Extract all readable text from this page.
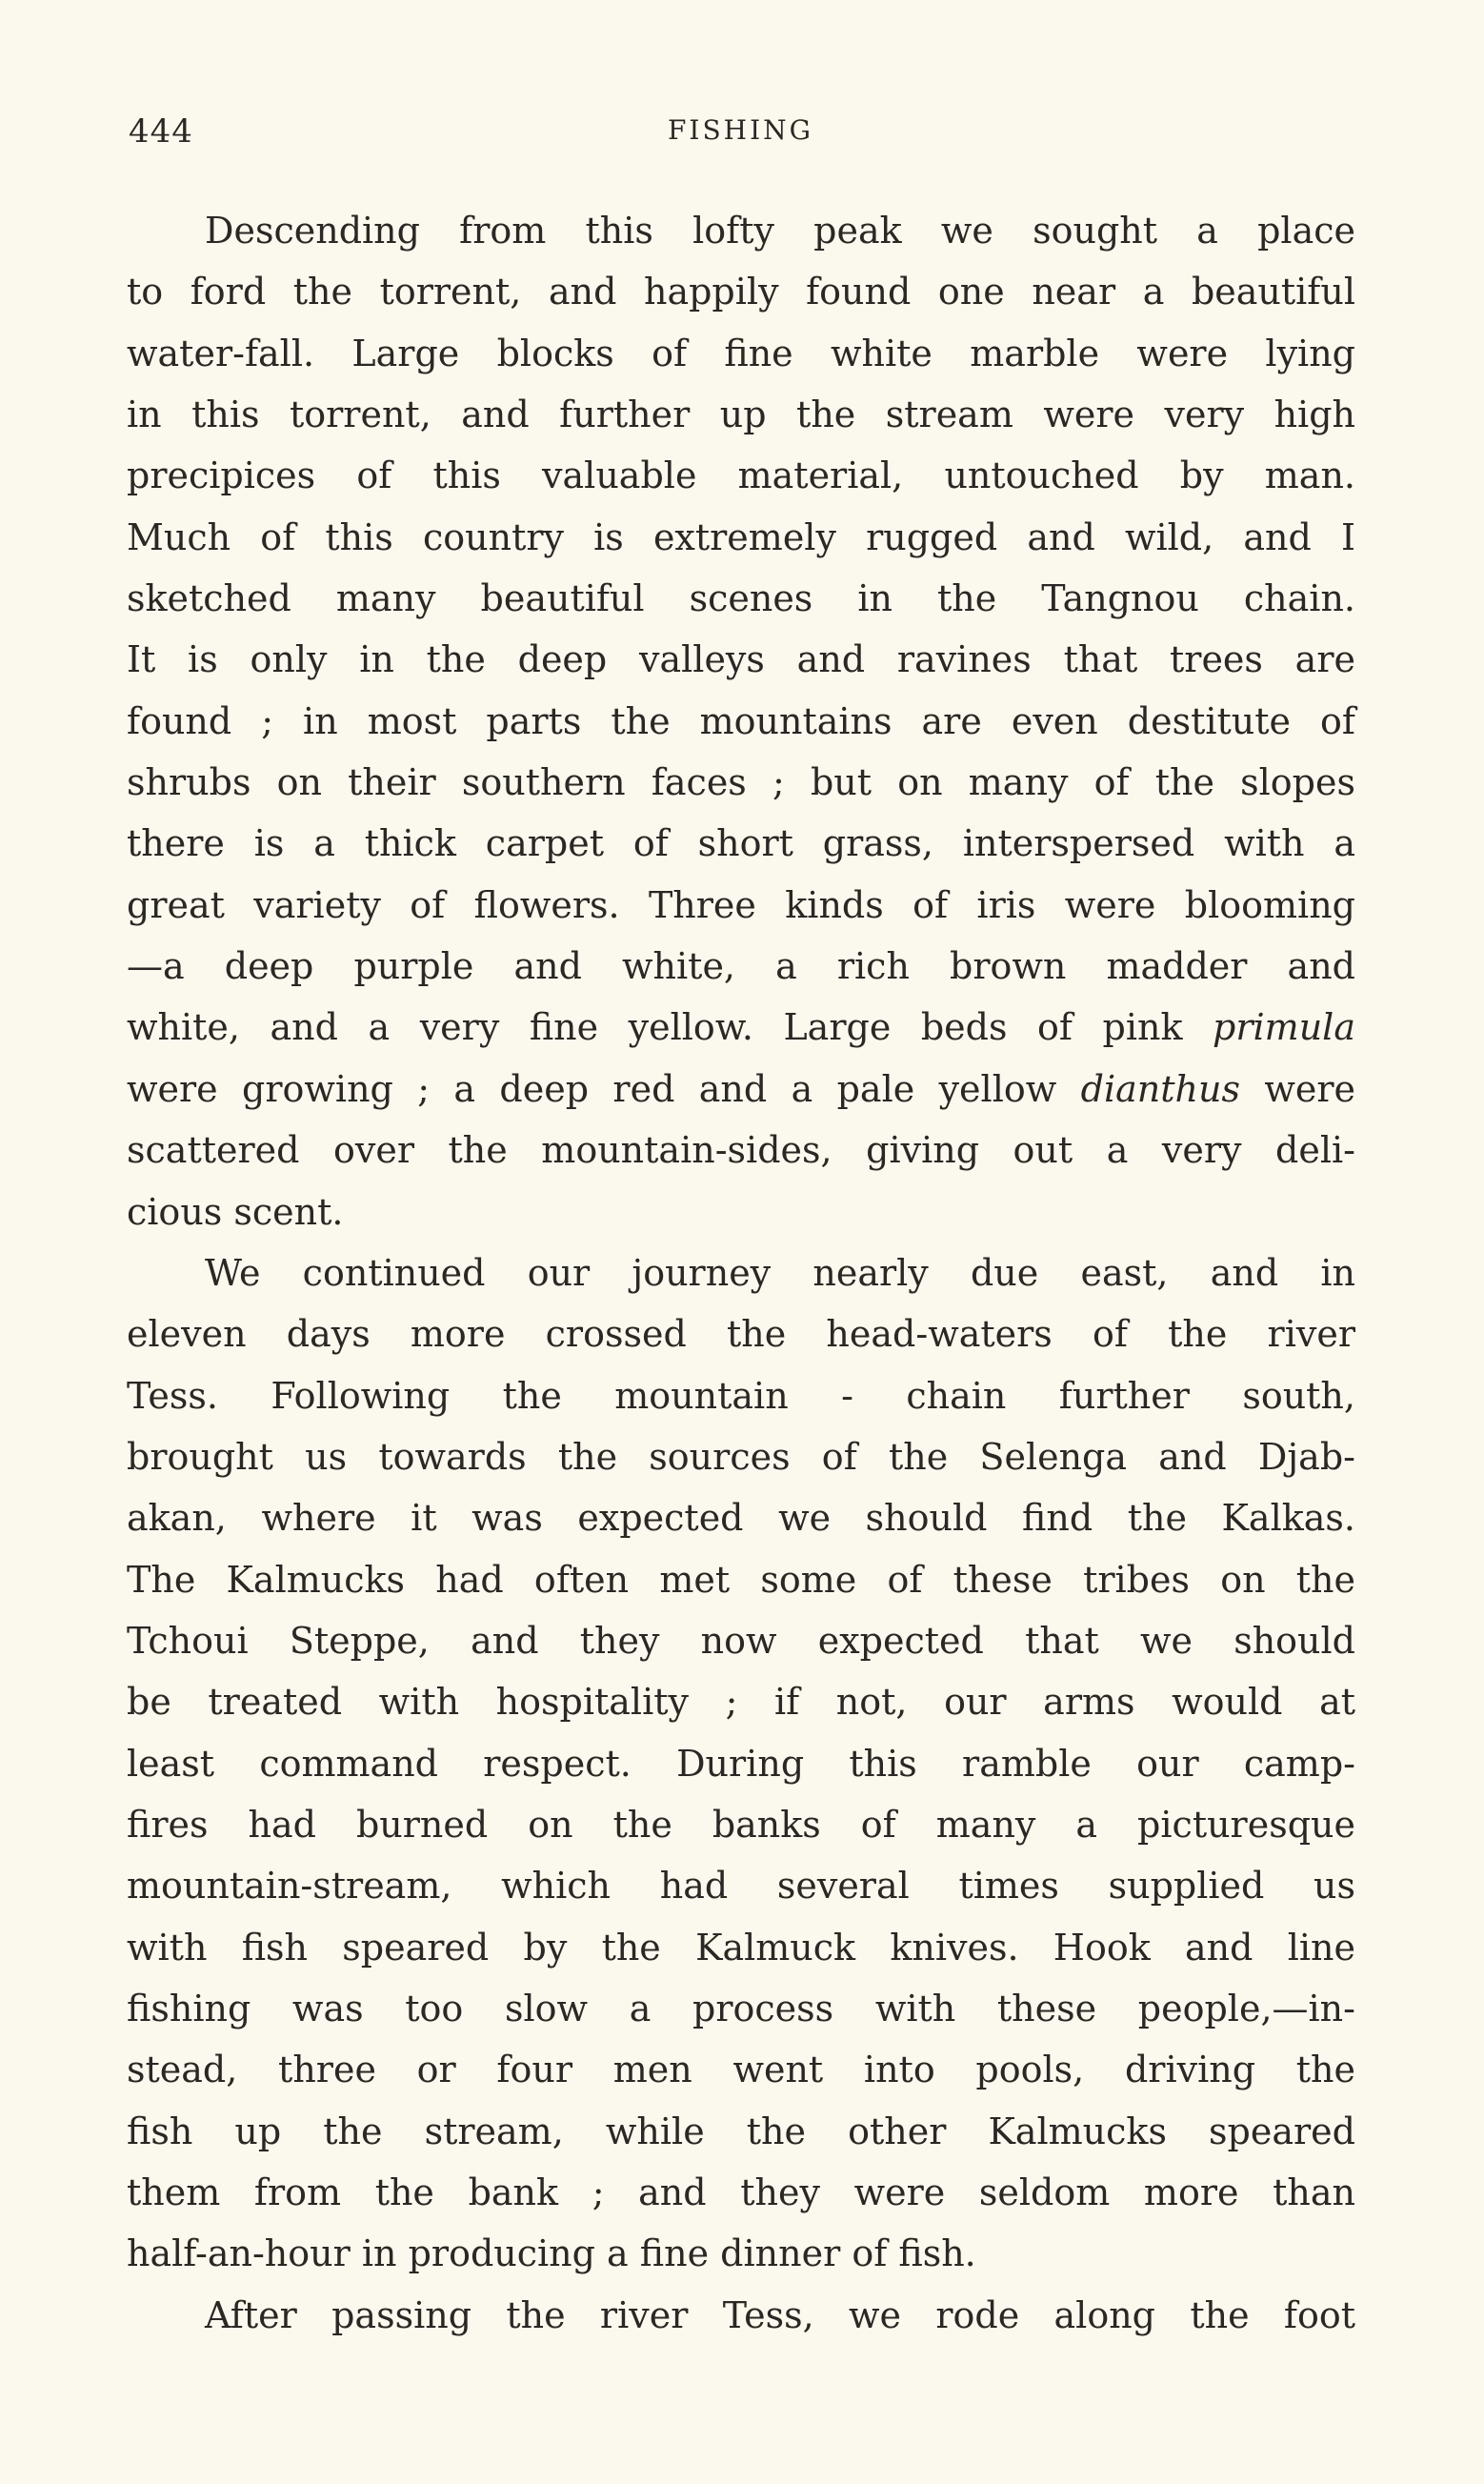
444	FISHING
Descending from this lofty peak we sought a place
to ford the torrent, and happily found one near a beautiful
water-fall. Large blocks of fine white marble were lying
in this torrent, and further up the stream were very high
precipices of this valuable material, untouched by man.
Much of this country is extremely rugged and wild, and I
sketched many beautiful scenes in the Tangnou chain.
It is only in the deep valleys and ravines that trees are
found ; in most parts the mountains are even destitute of
shrubs on their southern faces ; but on many of the slopes
there is a thick carpet of short grass, interspersed with a
great variety of flowers. Three kinds of iris were blooming
—a deep purple and white, a rich brown madder and
white, and a very fine yellow. Large beds of pink primula
were growing ; a deep red and a pale yellow dianthus were
scattered over the mountain-sides, giving out a very deli-
cious scent.
We continued our journey nearly due east, and in
eleven days more crossed the head-waters of the river
Tess. Following the mountain - chain further south,
brought us towards the sources of the Selenga and Djab-
akan, where it was expected we should find the Kalkas.
The Kalmucks had often met some of these tribes on the
Tchoui Steppe, and they now expected that we should
be treated with hospitality ; if not, our arms would at
least command respect. During this ramble our camp-
fires had burned on the banks of many a picturesque
mountain-stream, which had several times supplied us
with fish speared by the Kalmuck knives. Hook and line
fishing was too slow a process with these people,—in-
stead, three or four men went into pools, driving the
fish up the stream, while the other Kalmucks speared
them from the bank ; and they were seldom more than
half-an-hour in producing a fine dinner of fish.
After passing the river Tess, we rode along the foot
